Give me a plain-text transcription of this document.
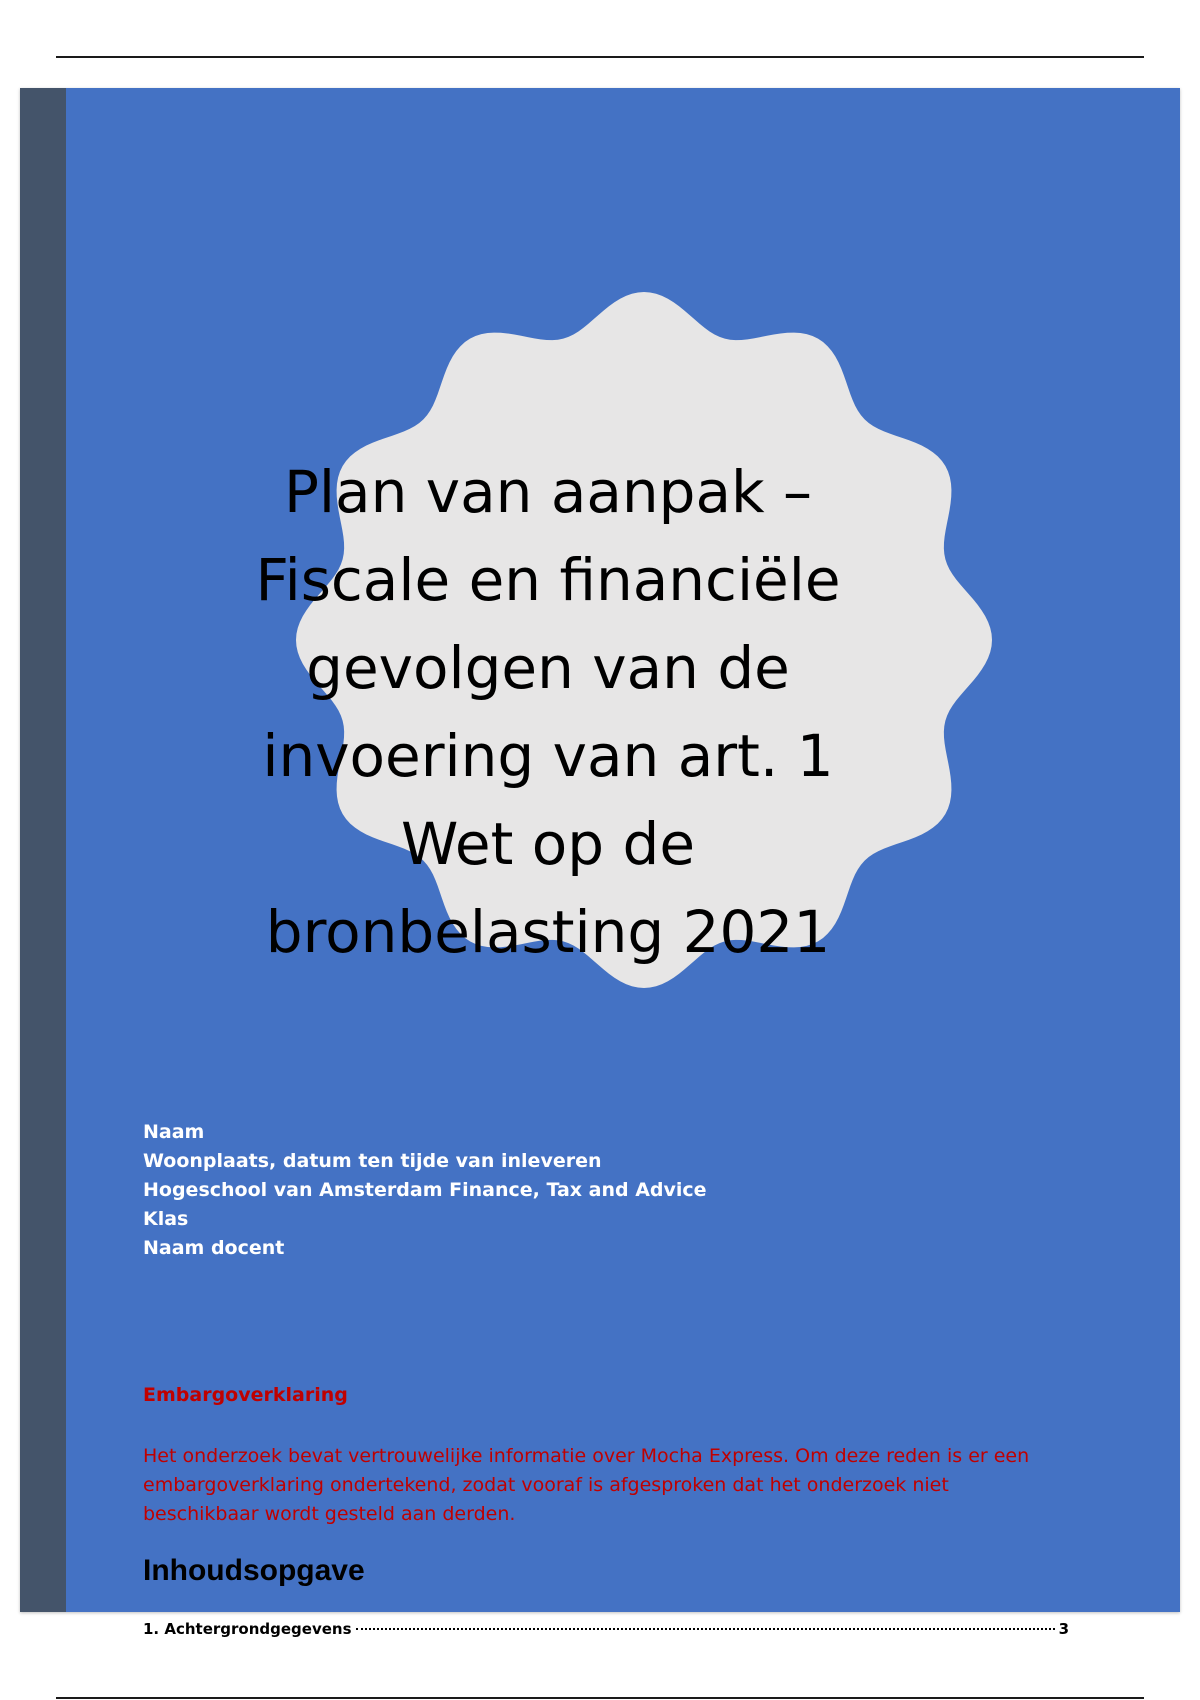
Plan van aanpak – Fiscale en financiële gevolgen van de invoering van art. 1 Wet op de bronbelasting 2021
Naam
Woonplaats, datum ten tijde van inleveren
Hogeschool van Amsterdam Finance, Tax and Advice
Klas
Naam docent
Embargoverklaring

Het onderzoek bevat vertrouwelijke informatie over Mocha Express. Om deze reden is er een embargoverklaring ondertekend, zodat vooraf is afgesproken dat het onderzoek niet beschikbaar wordt gesteld aan derden.

Inhoudsopgave
1. Achtergrondgegevens	3
